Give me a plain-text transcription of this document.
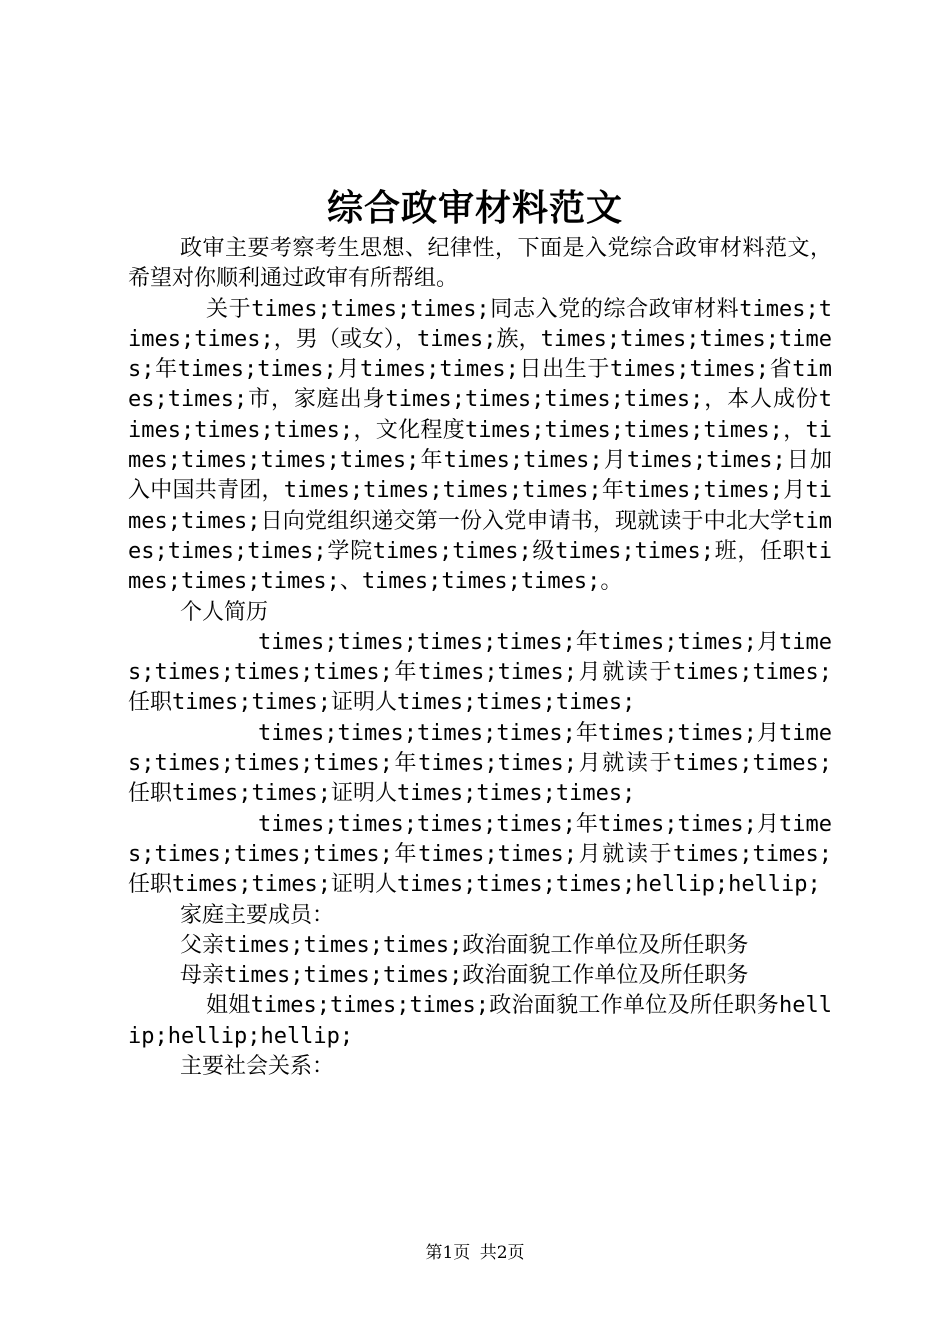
综合政审材料范文

政审主要考察考生思想、纪律性，下面是入党综合政审材料范文，希望对你顺利通过政审有所帮组。

关于times;times;times;同志入党的综合政审材料times;times;times;，男（或女），times;族，times;times;times;times;年times;times;月times;times;日出生于times;times;省times;times;市，家庭出身times;times;times;times;，本人成份times;times;times;，文化程度times;times;times;times;，times;times;times;times;年times;times;月times;times;日加入中国共青团，times;times;times;times;年times;times;月times;times;日向党组织递交第一份入党申请书，现就读于中北大学times;times;times;学院times;times;级times;times;班，任职times;times;times;、times;times;times;。

个人简历

times;times;times;times;年times;times;月times;times;times;times;年times;times;月就读于times;times;任职times;times;证明人times;times;times;

times;times;times;times;年times;times;月times;times;times;times;年times;times;月就读于times;times;任职times;times;证明人times;times;times;

times;times;times;times;年times;times;月times;times;times;times;年times;times;月就读于times;times;任职times;times;证明人times;times;times;hellip;hellip;

家庭主要成员：

父亲times;times;times;政治面貌工作单位及所任职务

母亲times;times;times;政治面貌工作单位及所任职务

姐姐times;times;times;政治面貌工作单位及所任职务hellip;hellip;hellip;

主要社会关系：

第1页 共2页
